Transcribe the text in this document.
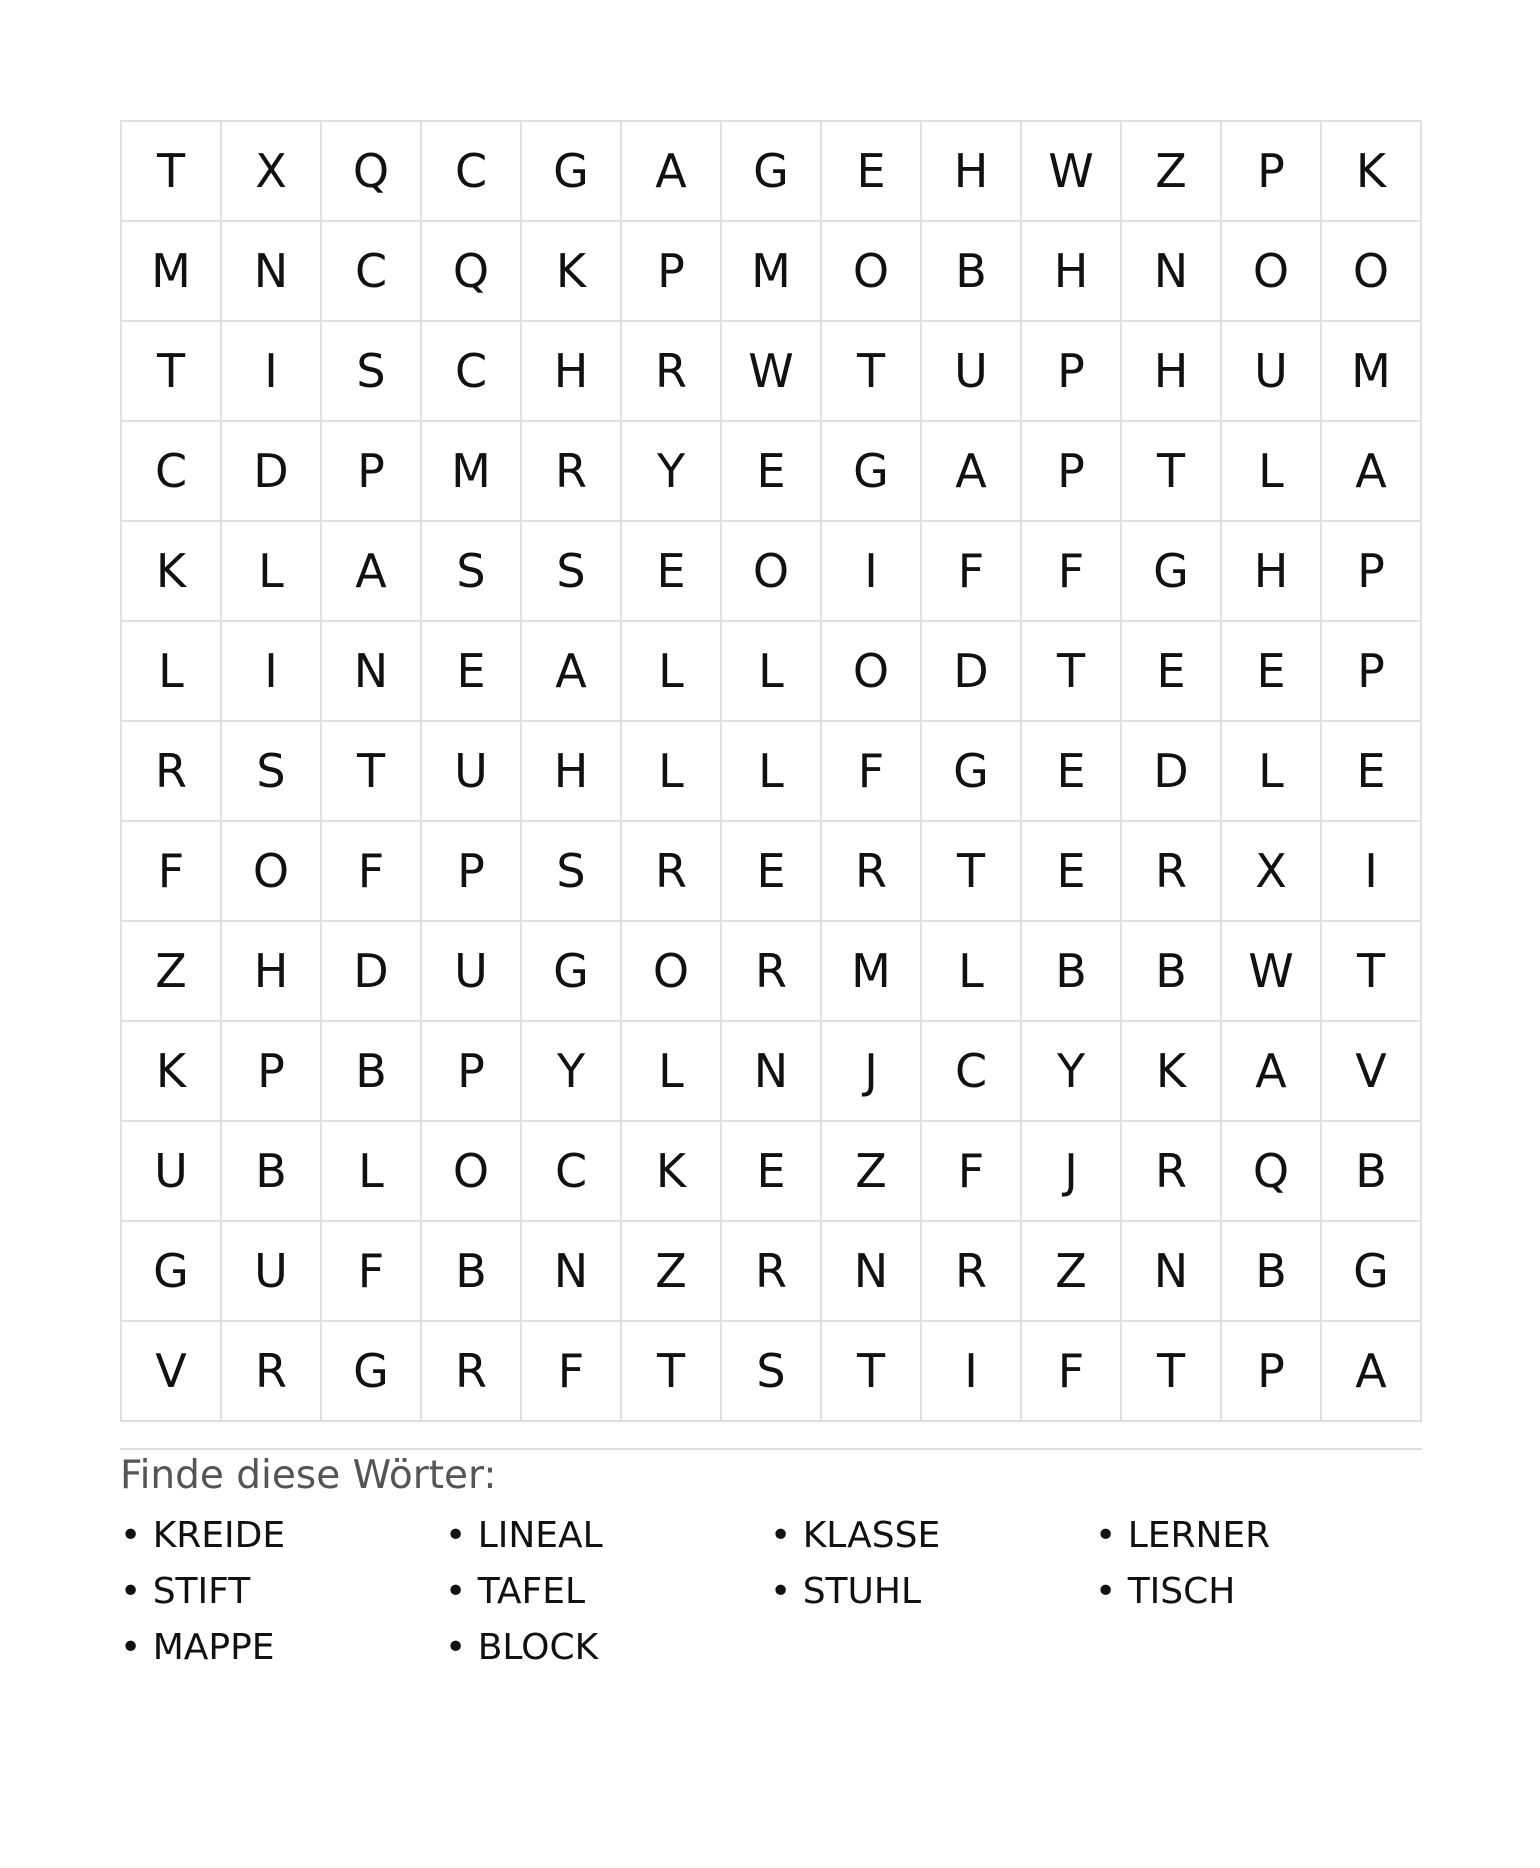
T	X	Q	C	G	A	G	E	H	W	Z	P	K
M	N	C	Q	K	P	M	O	B	H	N	O	O
T	I	S	C	H	R	W	T	U	P	H	U	M
C	D	P	M	R	Y	E	G	A	P	T	L	A
K	L	A	S	S	E	O	I	F	F	G	H	P
L	I	N	E	A	L	L	O	D	T	E	E	P
R	S	T	U	H	L	L	F	G	E	D	L	E
F	O	F	P	S	R	E	R	T	E	R	X	I
Z	H	D	U	G	O	R	M	L	B	B	W	T
K	P	B	P	Y	L	N	J	C	Y	K	A	V
U	B	L	O	C	K	E	Z	F	J	R	Q	B
G	U	F	B	N	Z	R	N	R	Z	N	B	G
V	R	G	R	F	T	S	T	I	F	T	P	A
Finde diese Wörter:
• KREIDE	• LINEAL	• KLASSE	• LERNER
• STIFT	• TAFEL	• STUHL	• TISCH
• MAPPE	• BLOCK
